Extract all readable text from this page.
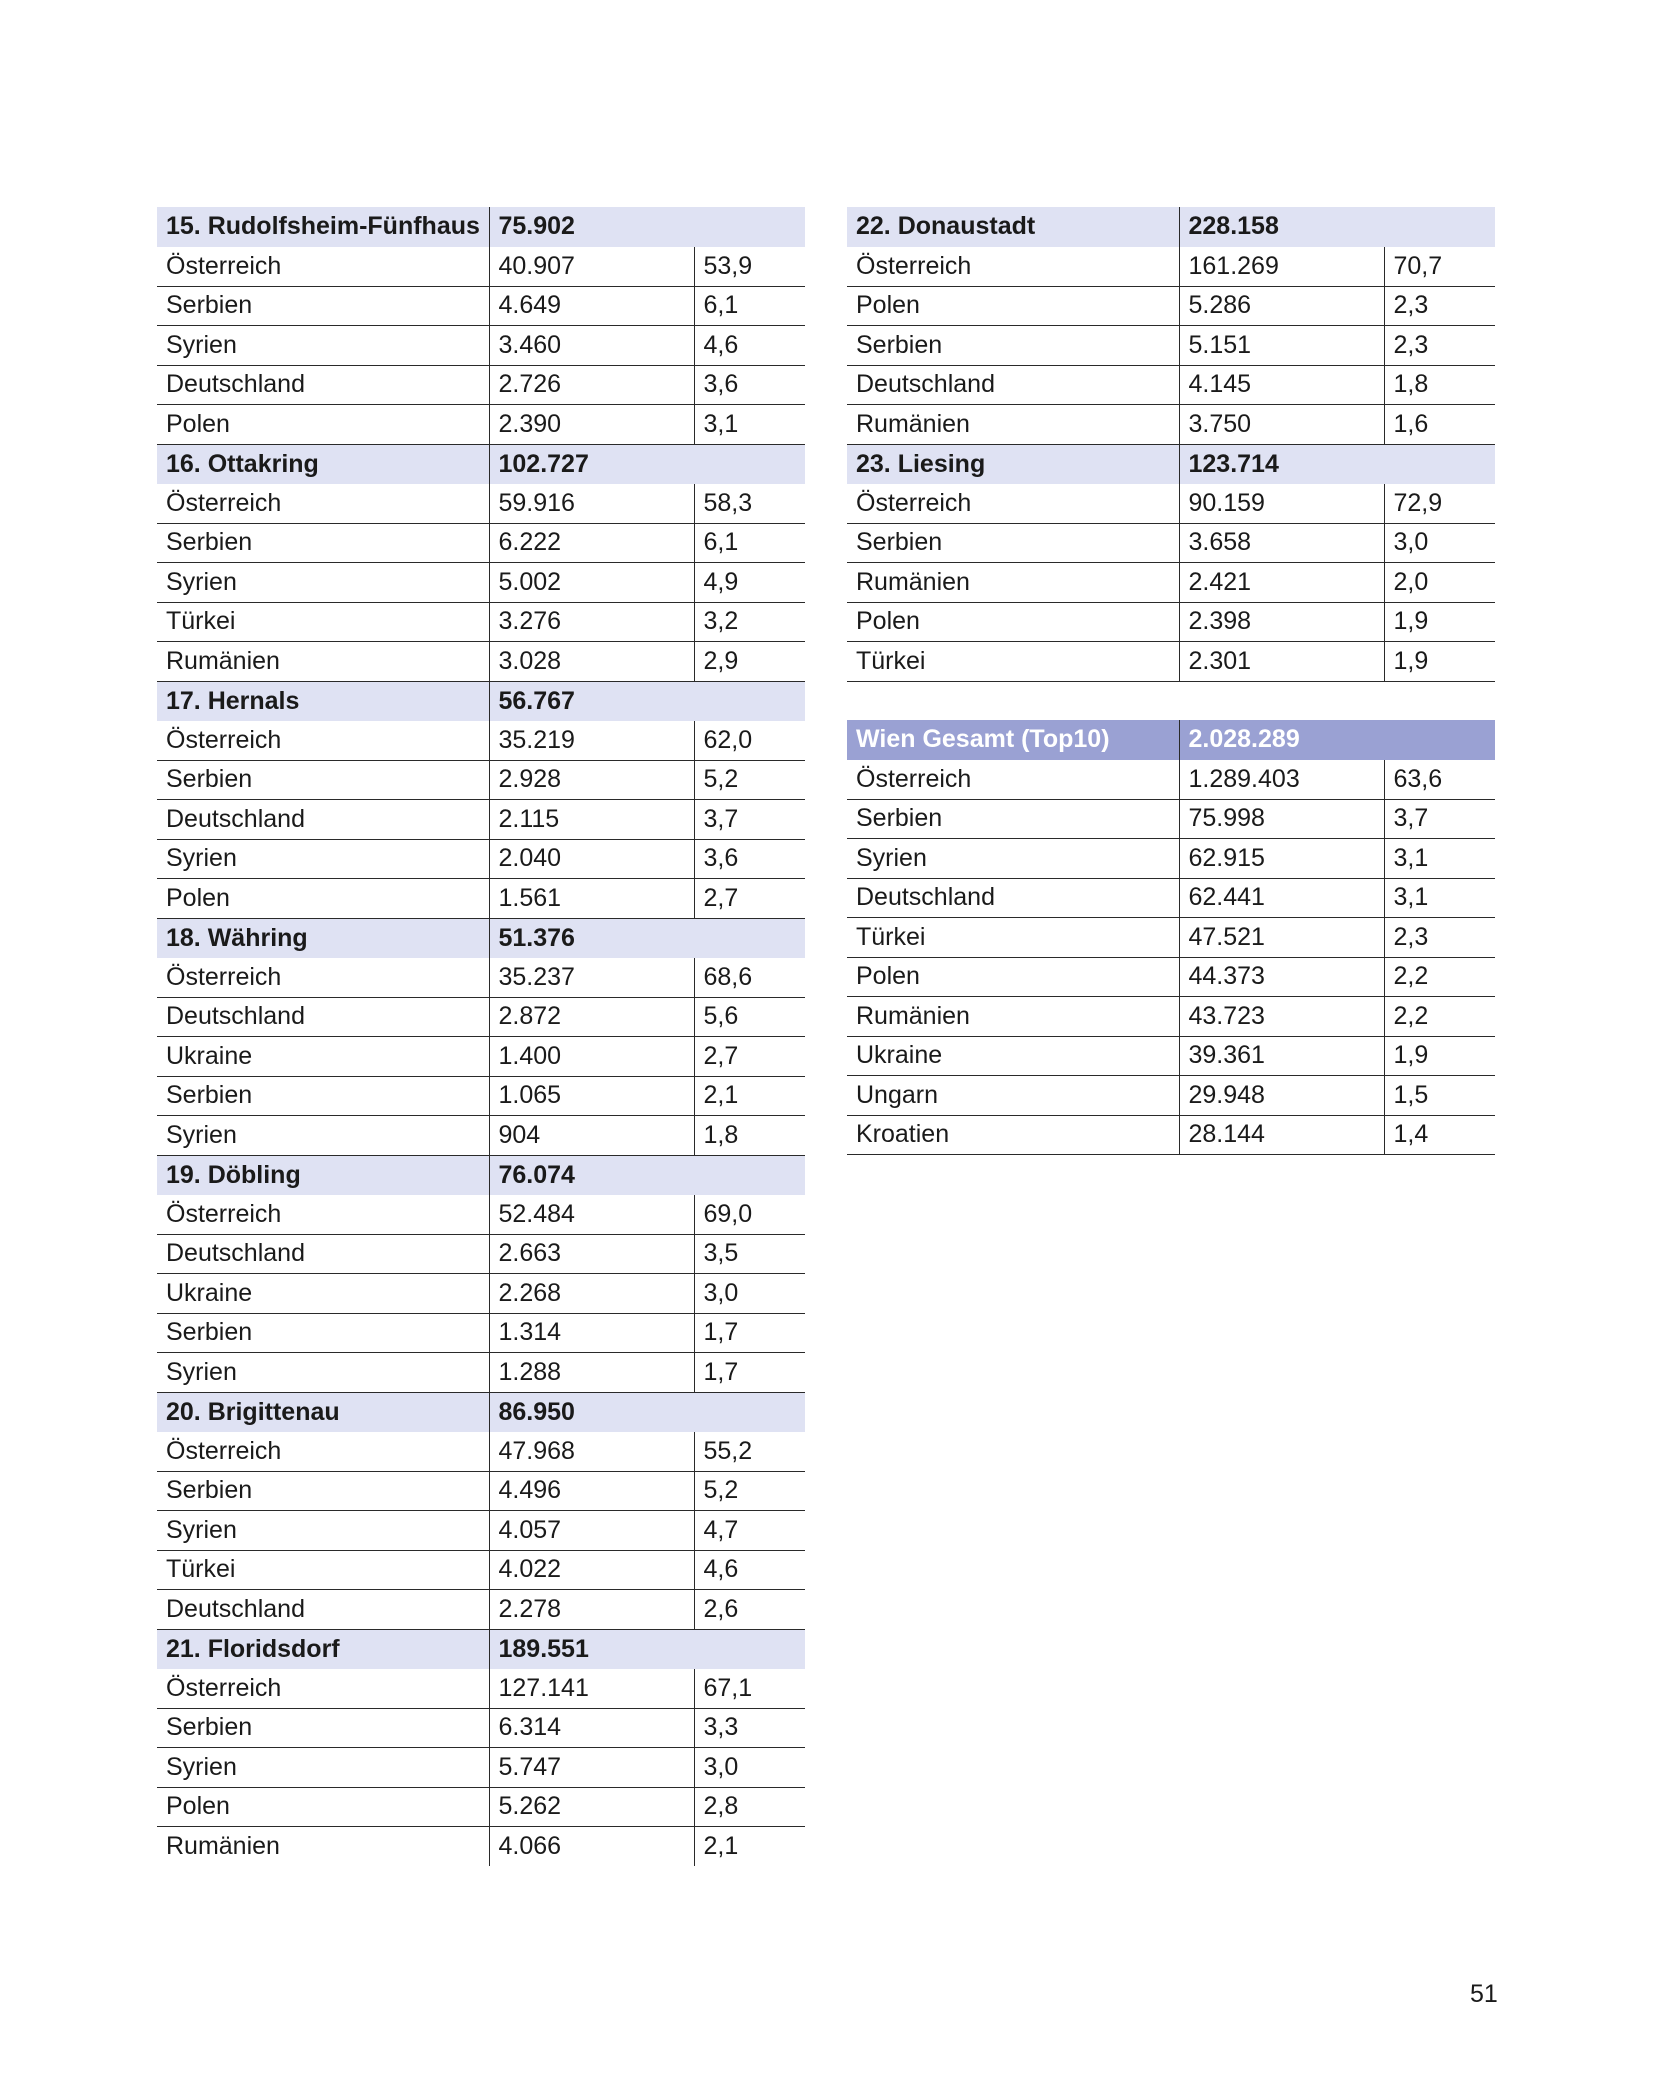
15. Rudolfsheim-Fünfhaus	75.902	
Österreich	40.907	53,9
Serbien	4.649	6,1
Syrien	3.460	4,6
Deutschland	2.726	3,6
Polen	2.390	3,1
16. Ottakring	102.727	
Österreich	59.916	58,3
Serbien	6.222	6,1
Syrien	5.002	4,9
Türkei	3.276	3,2
Rumänien	3.028	2,9
17. Hernals	56.767	
Österreich	35.219	62,0
Serbien	2.928	5,2
Deutschland	2.115	3,7
Syrien	2.040	3,6
Polen	1.561	2,7
18. Währing	51.376	
Österreich	35.237	68,6
Deutschland	2.872	5,6
Ukraine	1.400	2,7
Serbien	1.065	2,1
Syrien	904	1,8
19. Döbling	76.074	
Österreich	52.484	69,0
Deutschland	2.663	3,5
Ukraine	2.268	3,0
Serbien	1.314	1,7
Syrien	1.288	1,7
20. Brigittenau	86.950	
Österreich	47.968	55,2
Serbien	4.496	5,2
Syrien	4.057	4,7
Türkei	4.022	4,6
Deutschland	2.278	2,6
21. Floridsdorf	189.551	
Österreich	127.141	67,1
Serbien	6.314	3,3
Syrien	5.747	3,0
Polen	5.262	2,8
Rumänien	4.066	2,1
22. Donaustadt	228.158	
Österreich	161.269	70,7
Polen	5.286	2,3
Serbien	5.151	2,3
Deutschland	4.145	1,8
Rumänien	3.750	1,6
23. Liesing	123.714	
Österreich	90.159	72,9
Serbien	3.658	3,0
Rumänien	2.421	2,0
Polen	2.398	1,9
Türkei	2.301	1,9
Wien Gesamt (Top10)	2.028.289	
Österreich	1.289.403	63,6
Serbien	75.998	3,7
Syrien	62.915	3,1
Deutschland	62.441	3,1
Türkei	47.521	2,3
Polen	44.373	2,2
Rumänien	43.723	2,2
Ukraine	39.361	1,9
Ungarn	29.948	1,5
Kroatien	28.144	1,4
51
